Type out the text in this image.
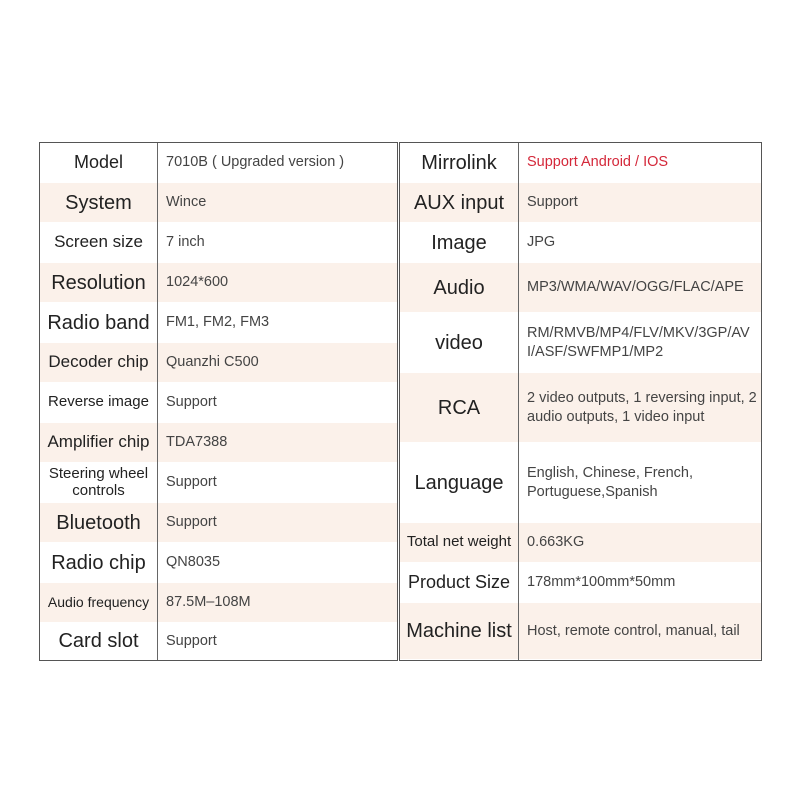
Model
System
Screen size
Resolution
Radio band
Decoder chip
Reverse image
Amplifier chip
Steering wheel controls
Bluetooth
Radio chip
Audio frequency
Card slot
7010B ( Upgraded version )
Wince
7 inch
1024*600
FM1, FM2, FM3
Quanzhi C500
Support
TDA7388
Support
Support
QN8035
87.5M–108M
Support
Mirrolink
AUX input
Image
Audio
video
RCA
Language
Total net weight
Product Size
Machine list
Support Android / IOS
Support
JPG
MP3/WMA/WAV/OGG/FLAC/APE
RM/RMVB/MP4/FLV/MKV/3GP/AVI/ASF/SWFMP1/MP2
2 video outputs, 1 reversing input, 2 audio outputs, 1 video input
English, Chinese, French, Portuguese,Spanish
0.663KG
178mm*100mm*50mm
Host, remote control, manual, tail
